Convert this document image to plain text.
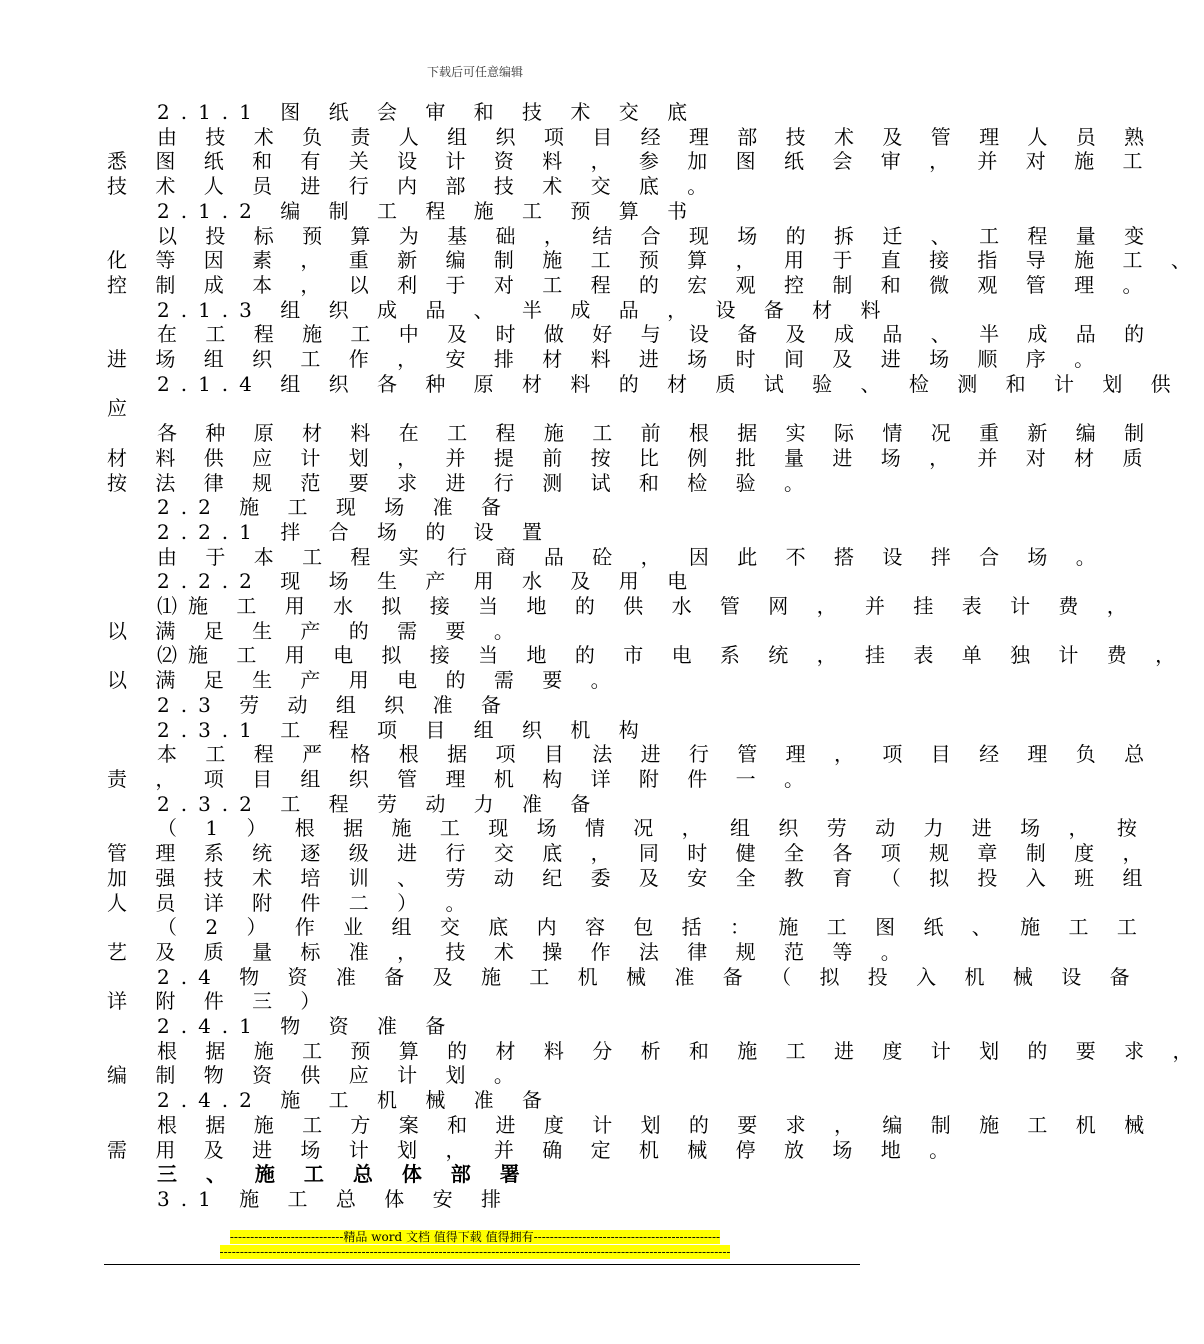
下载后可任意编辑
2.1.1 图 纸 会 审 和 技 术 交 底
由 技 术 负 责 人 组 织 项 目 经 理 部 技 术 及 管 理 人 员 熟
悉 图 纸 和 有 关 设 计 资 料 ， 参 加 图 纸 会 审 ， 并 对 施 工
技 术 人 员 进 行 内 部 技 术 交 底 。
2.1.2 编 制 工 程 施 工 预 算 书
以 投 标 预 算 为 基 础 ， 结 合 现 场 的 拆 迁 、 工 程 量 变
化 等 因 素 ， 重 新 编 制 施 工 预 算 ， 用 于 直 接 指 导 施 工 、
控 制 成 本 ， 以 利 于 对 工 程 的 宏 观 控 制 和 微 观 管 理 。
2.1.3 组 织 成 品 、 半 成 品 ， 设 备 材 料
在 工 程 施 工 中 及 时 做 好 与 设 备 及 成 品 、 半 成 品 的
进 场 组 织 工 作 ， 安 排 材 料 进 场 时 间 及 进 场 顺 序 。
2.1.4 组 织 各 种 原 材 料 的 材 质 试 验 、 检 测 和 计 划 供
应
各 种 原 材 料 在 工 程 施 工 前 根 据 实 际 情 况 重 新 编 制
材 料 供 应 计 划 ， 并 提 前 按 比 例 批 量 进 场 ， 并 对 材 质
按 法 律 规 范 要 求 进 行 测 试 和 检 验 。
2.2 施 工 现 场 准 备
2.2.1 拌 合 场 的 设 置
由 于 本 工 程 实 行 商 品 砼 ， 因 此 不 搭 设 拌 合 场 。
2.2.2 现 场 生 产 用 水 及 用 电
⑴施 工 用 水 拟 接 当 地 的 供 水 管 网 ， 并 挂 表 计 费 ，
以 满 足 生 产 的 需 要 。
⑵施 工 用 电 拟 接 当 地 的 市 电 系 统 ， 挂 表 单 独 计 费 ，
以 满 足 生 产 用 电 的 需 要 。
2.3 劳 动 组 织 准 备
2.3.1 工 程 项 目 组 织 机 构
本 工 程 严 格 根 据 项 目 法 进 行 管 理 ， 项 目 经 理 负 总
责 ， 项 目 组 织 管 理 机 构 详 附 件 一 。
2.3.2 工 程 劳 动 力 准 备
（ 1 ） 根 据 施 工 现 场 情 况 ， 组 织 劳 动 力 进 场 ， 按
管 理 系 统 逐 级 进 行 交 底 ， 同 时 健 全 各 项 规 章 制 度 ，
加 强 技 术 培 训 、 劳 动 纪 委 及 安 全 教 育 （ 拟 投 入 班 组
人 员 详 附 件 二 ） 。
（ 2 ） 作 业 组 交 底 内 容 包 括 ： 施 工 图 纸 、 施 工 工
艺 及 质 量 标 准 ， 技 术 操 作 法 律 规 范 等 。
2.4 物 资 准 备 及 施 工 机 械 准 备 （ 拟 投 入 机 械 设 备
详 附 件 三 ）
2.4.1 物 资 准 备
根 据 施 工 预 算 的 材 料 分 析 和 施 工 进 度 计 划 的 要 求 ，
编 制 物 资 供 应 计 划 。
2.4.2 施 工 机 械 准 备
根 据 施 工 方 案 和 进 度 计 划 的 要 求 ， 编 制 施 工 机 械
需 用 及 进 场 计 划 ， 并 确 定 机 械 停 放 场 地 。
三 、 施 工 总 体 部 署
3.1 施 工 总 体 安 排
----------------------------精品 word 文档 值得下载 值得拥有----------------------------------------------
------------------------------------------------------------------------------------------------------------------------------
